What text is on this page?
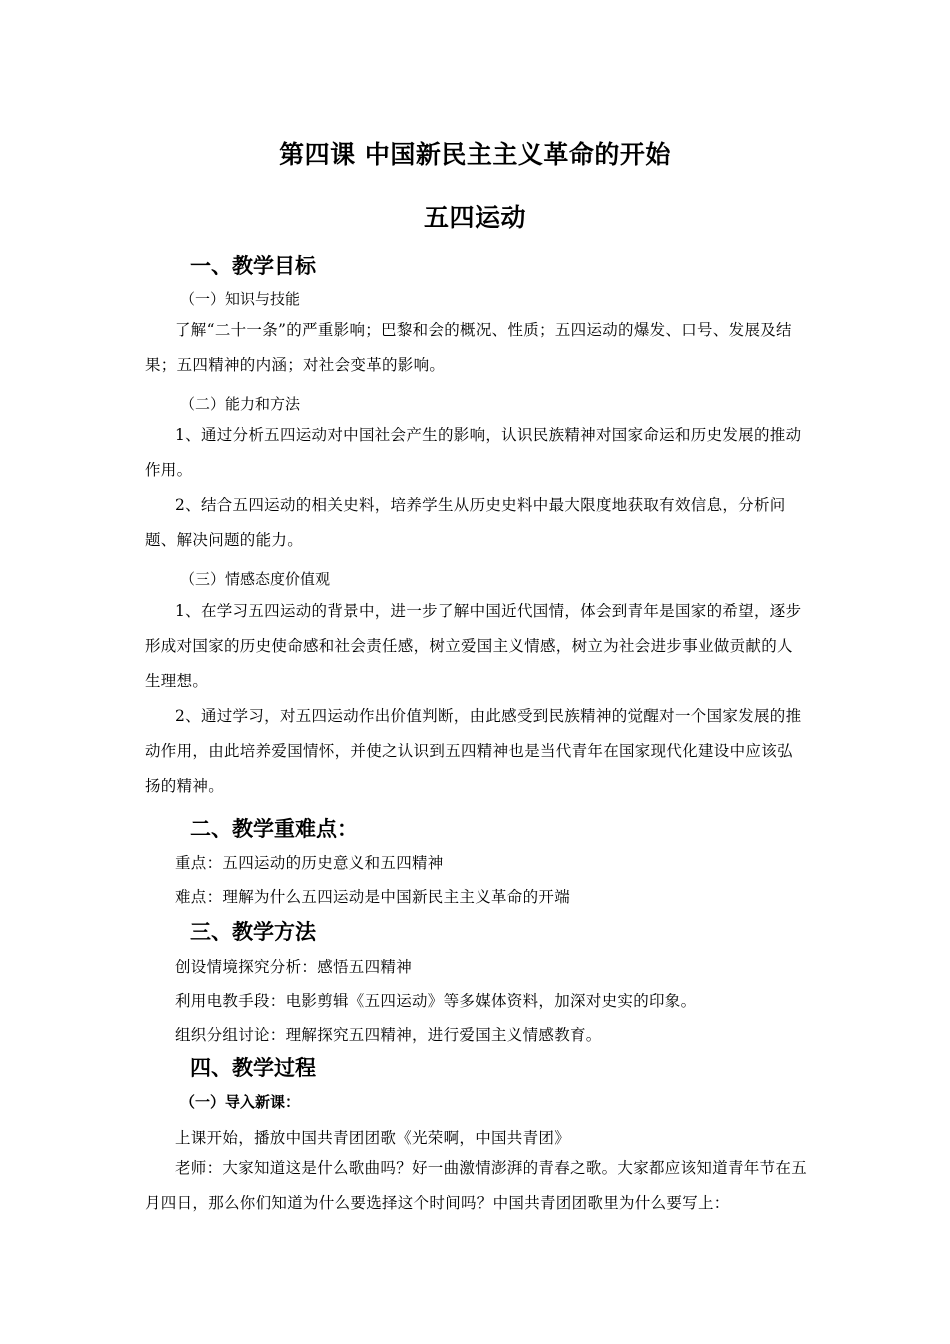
第四课 中国新民主主义革命的开始
五四运动
一、教学目标
（一）知识与技能
了解“二十一条”的严重影响；巴黎和会的概况、性质；五四运动的爆发、口号、发展及结果；五四精神的内涵；对社会变革的影响。
（二）能力和方法
1、通过分析五四运动对中国社会产生的影响，认识民族精神对国家命运和历史发展的推动作用。
2、结合五四运动的相关史料，培养学生从历史史料中最大限度地获取有效信息，分析问题、解决问题的能力。
（三）情感态度价值观
1、在学习五四运动的背景中，进一步了解中国近代国情，体会到青年是国家的希望，逐步形成对国家的历史使命感和社会责任感，树立爱国主义情感，树立为社会进步事业做贡献的人生理想。
2、通过学习，对五四运动作出价值判断，由此感受到民族精神的觉醒对一个国家发展的推动作用，由此培养爱国情怀，并使之认识到五四精神也是当代青年在国家现代化建设中应该弘扬的精神。
二、教学重难点：
重点：五四运动的历史意义和五四精神
难点：理解为什么五四运动是中国新民主主义革命的开端
三、教学方法
创设情境探究分析：感悟五四精神
利用电教手段：电影剪辑《五四运动》等多媒体资料，加深对史实的印象。
组织分组讨论：理解探究五四精神，进行爱国主义情感教育。
四、教学过程
（一）导入新课：
上课开始，播放中国共青团团歌《光荣啊，中国共青团》
老师：大家知道这是什么歌曲吗？好一曲激情澎湃的青春之歌。大家都应该知道青年节在五月四日，那么你们知道为什么要选择这个时间吗？中国共青团团歌里为什么要写上：
